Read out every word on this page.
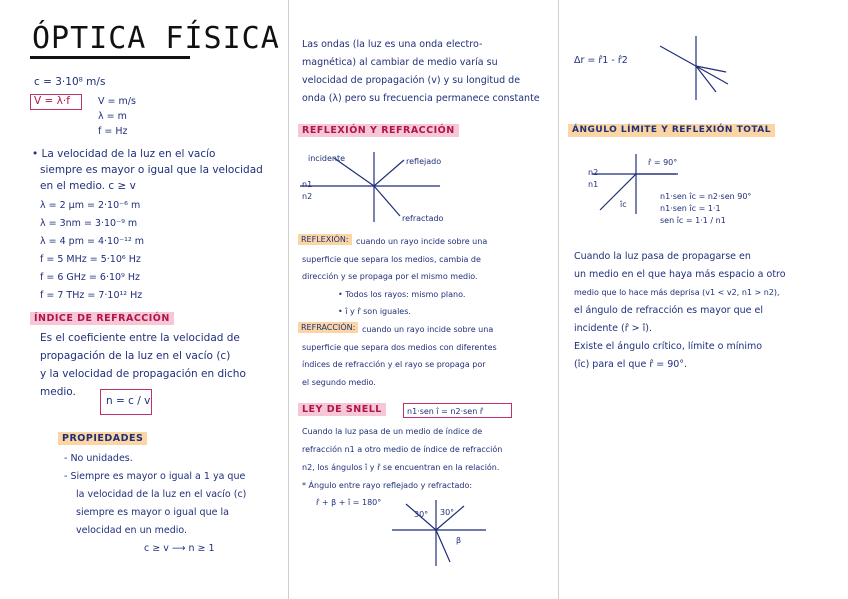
ÓPTICA FÍSICA
c = 3·10⁸ m/s
V = λ·f	V = m/s
λ = m
f = Hz
• La velocidad de la luz en el vacío
siempre es mayor o igual que la velocidad
en el medio. c ≥ v
λ = 2 μm = 2·10⁻⁶ m
λ = 3nm = 3·10⁻⁹ m
λ = 4 pm = 4·10⁻¹² m
f = 5 MHz = 5·10⁶ Hz
f = 6 GHz = 6·10⁹ Hz
f = 7 THz = 7·10¹² Hz
ÍNDICE DE REFRACCIÓN
Es el coeficiente entre la velocidad de
propagación de la luz en el vacío (c)
y la velocidad de propagación en dicho
medio.
n = c / v
PROPIEDADES
- No unidades.
- Siempre es mayor o igual a 1 ya que
la velocidad de la luz en el vacío (c)
siempre es mayor o igual que la
velocidad en un medio.
c ≥ v ⟶ n ≥ 1
Las ondas (la luz es una onda electro-
magnética) al cambiar de medio varía su
velocidad de propagación (v) y su longitud de
onda (λ) pero su frecuencia permanece constante
REFLEXIÓN Y REFRACCIÓN
incidente	reflejado
refractado
n1
n2
REFLEXIÓN: cuando un rayo incide sobre una
superficie que separa los medios, cambia de
dirección y se propaga por el mismo medio.
• Todos los rayos: mismo plano.
• î y r̂ son iguales.
REFRACCIÓN: cuando un rayo incide sobre una
superficie que separa dos medios con diferentes
índices de refracción y el rayo se propaga por
el segundo medio.
LEY DE SNELL	n1·sen î = n2·sen r̂
Cuando la luz pasa de un medio de índice de
refracción n1 a otro medio de índice de refracción
n2, los ángulos î y r̂ se encuentran en la relación.
* Ángulo entre rayo reflejado y refractado:
r̂ + β + î = 180°
30° 30°
β
Δr = r̂1 - r̂2
ÁNGULO LÍMITE Y REFLEXIÓN TOTAL
r̂ = 90°
n2
n1
îc
n1·sen îc = n2·sen 90°
n1·sen îc = 1·1
sen îc = 1·1 / n1
Cuando la luz pasa de propagarse en
un medio en el que haya más espacio a otro
medio que lo hace más deprisa (v1 < v2, n1 > n2),
el ángulo de refracción es mayor que el
incidente (r̂ > î).
Existe el ángulo crítico, límite o mínimo
(îc) para el que r̂ = 90°.
